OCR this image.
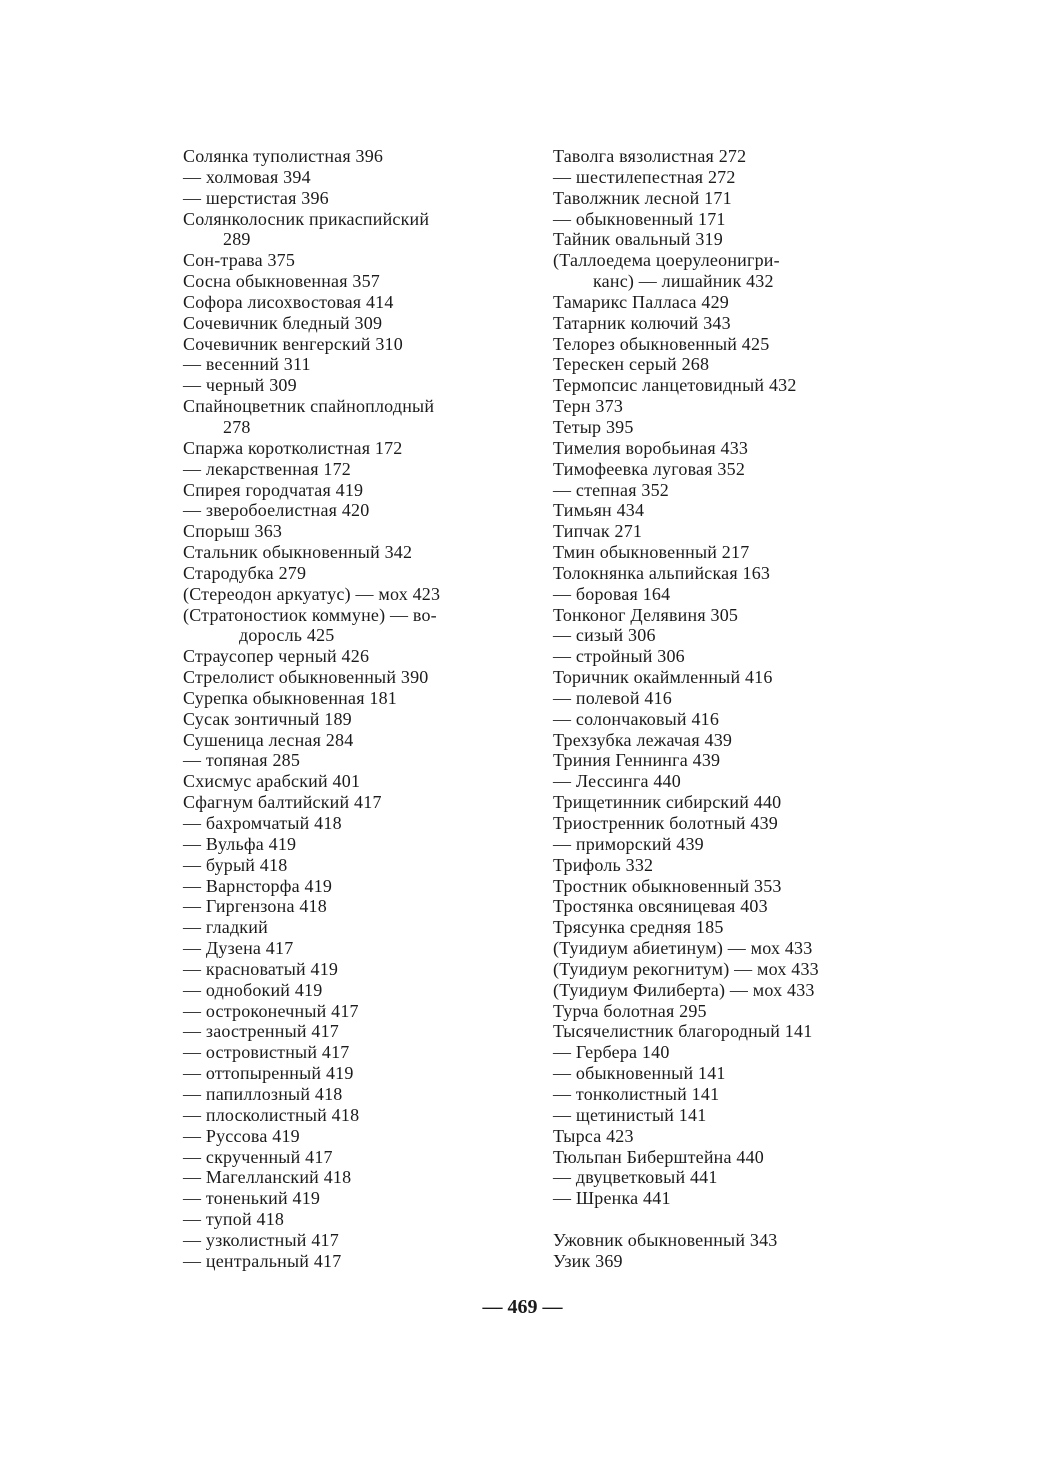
Солянка туполистная 396
— холмовая 394
— шерстистая 396
Солянколосник прикаспийский
289
Сон-трава 375
Сосна обыкновенная 357
Софора лисохвостовая 414
Сочевичник бледный 309
Сочевичник венгерский 310
— весенний 311
— черный 309
Спайноцветник спайноплодный
278
Спаржа коротколистная 172
— лекарственная 172
Спирея городчатая 419
— зверобоелистная 420
Спорыш 363
Стальник обыкновенный 342
Стародубка 279
(Стереодон аркуатус) — мох 423
(Стратоностиок коммуне) — во-
доросль 425
Страусопер черный 426
Стрелолист обыкновенный 390
Сурепка обыкновенная 181
Сусак зонтичный 189
Сушеница лесная 284
— топяная 285
Схисмус арабский 401
Сфагнум балтийский 417
— бахромчатый 418
— Вульфа 419
— бурый 418
— Варнсторфа 419
— Гиргензона 418
— гладкий
— Дузена 417
— красноватый 419
— однобокий 419
— остроконечный 417
— заостренный 417
— островистный 417
— оттопыренный 419
— папиллозный 418
— плосколистный 418
— Руссова 419
— скрученный 417
— Магелланский 418
— тоненький 419
— тупой 418
— узколистный 417
— центральный 417
Таволга вязолистная 272
— шестилепестная 272
Таволжник лесной 171
— обыкновенный 171
Тайник овальный 319
(Таллоедема цоерулеонигри-
канс) — лишайник 432
Тамарикс Палласа 429
Татарник колючий 343
Телорез обыкновенный 425
Терескен серый 268
Термопсис ланцетовидный 432
Терн 373
Тетыр 395
Тимелия воробьиная 433
Тимофеевка луговая 352
— степная 352
Тимьян 434
Типчак 271
Тмин обыкновенный 217
Толокнянка альпийская 163
— боровая 164
Тонконог Делявиня 305
— сизый 306
— стройный 306
Торичник окаймленный 416
— полевой 416
— солончаковый 416
Трехзубка лежачая 439
Триния Геннинга 439
— Лессинга 440
Трищетинник сибирский 440
Триостренник болотный 439
— приморский 439
Трифоль 332
Тростник обыкновенный 353
Тростянка овсяницевая 403
Трясунка средняя 185
(Туидиум абиетинум) — мох 433
(Туидиум рекогнитум) — мох 433
(Туидиум Филиберта) — мох 433
Турча болотная 295
Тысячелистник благородный 141
— Гербера 140
— обыкновенный 141
— тонколистный 141
— щетинистый 141
Тырса 423
Тюльпан Биберштейна 440
— двуцветковый 441
— Шренка 441
Ужовник обыкновенный 343
Узик 369
— 469 —
